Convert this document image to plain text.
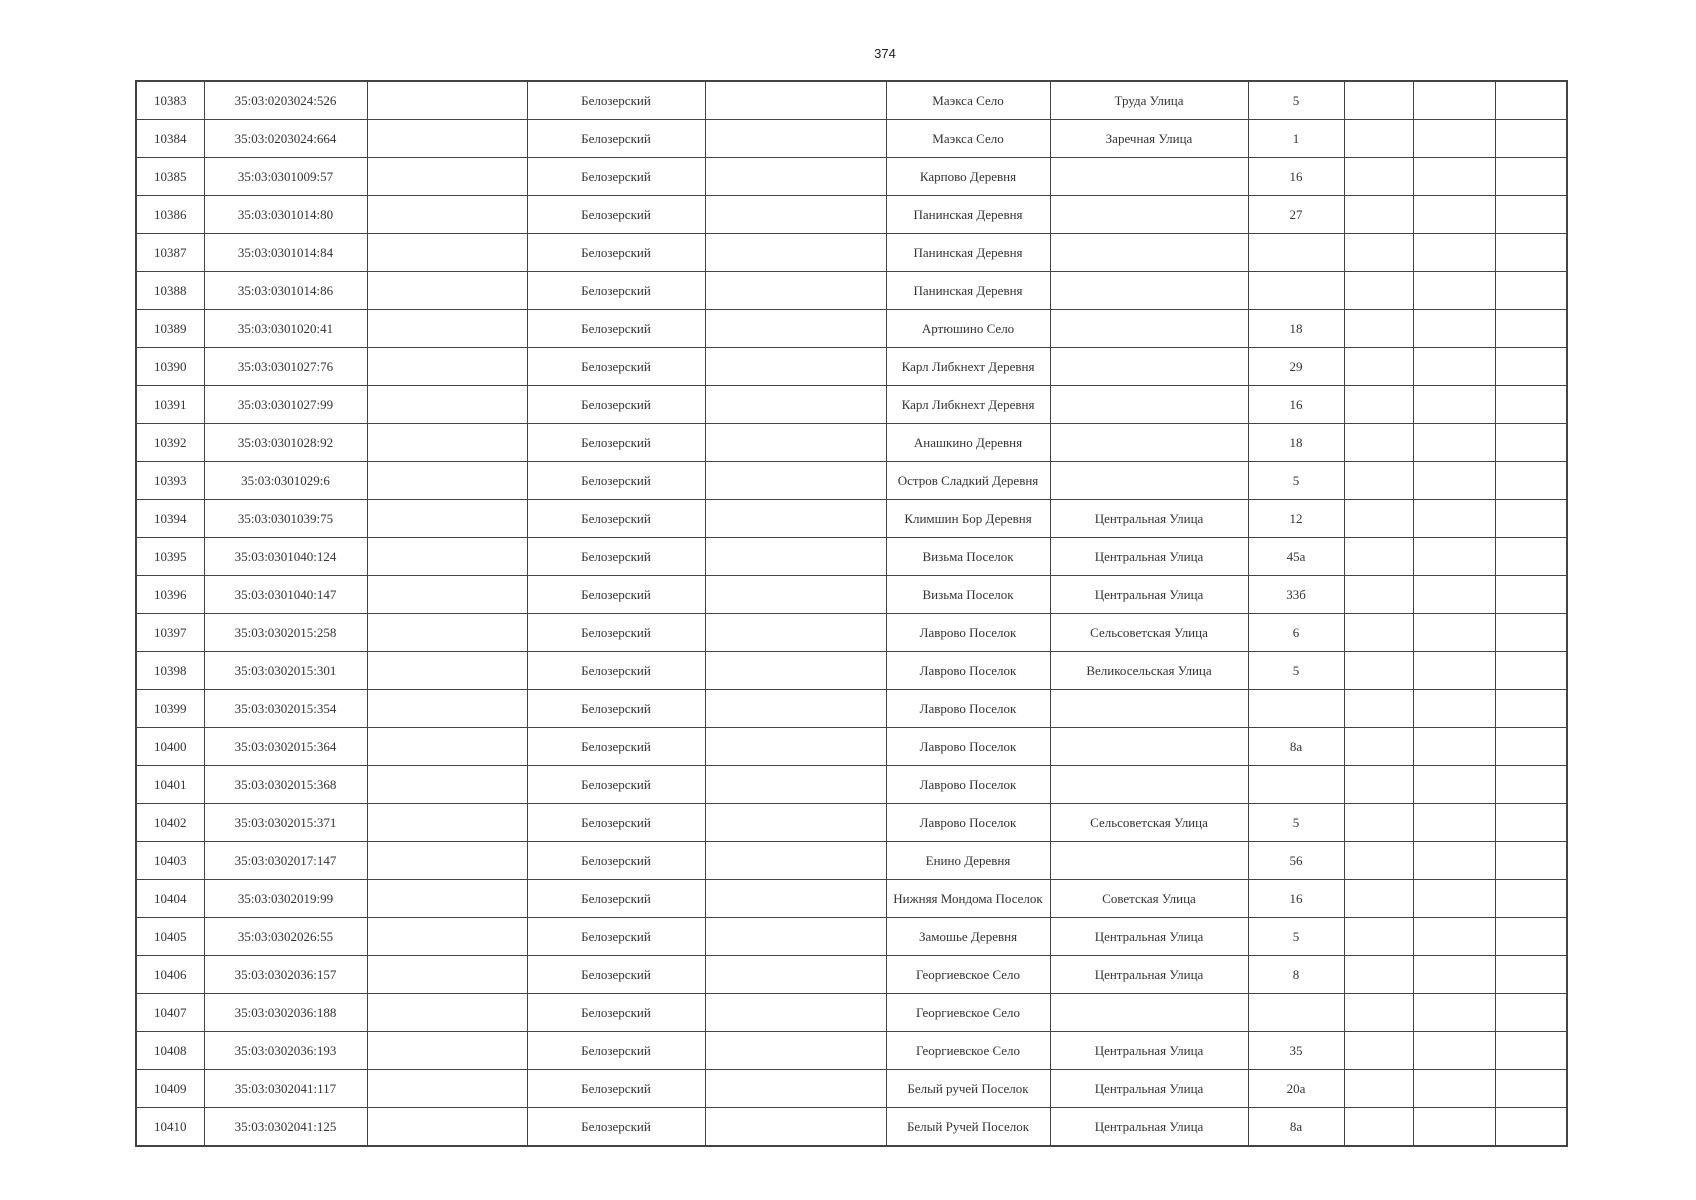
374
10383	35:03:0203024:526		Белозерский		Маэкса Село	Труда Улица	5			
10384	35:03:0203024:664		Белозерский		Маэкса Село	Заречная Улица	1			
10385	35:03:0301009:57		Белозерский		Карпово Деревня		16			
10386	35:03:0301014:80		Белозерский		Панинская Деревня		27			
10387	35:03:0301014:84		Белозерский		Панинская Деревня					
10388	35:03:0301014:86		Белозерский		Панинская Деревня					
10389	35:03:0301020:41		Белозерский		Артюшино Село		18			
10390	35:03:0301027:76		Белозерский		Карл Либкнехт Деревня		29			
10391	35:03:0301027:99		Белозерский		Карл Либкнехт Деревня		16			
10392	35:03:0301028:92		Белозерский		Анашкино Деревня		18			
10393	35:03:0301029:6		Белозерский		Остров Сладкий Деревня		5			
10394	35:03:0301039:75		Белозерский		Климшин Бор Деревня	Центральная Улица	12			
10395	35:03:0301040:124		Белозерский		Визьма Поселок	Центральная Улица	45а			
10396	35:03:0301040:147		Белозерский		Визьма Поселок	Центральная Улица	33б			
10397	35:03:0302015:258		Белозерский		Лаврово Поселок	Сельсоветская Улица	6			
10398	35:03:0302015:301		Белозерский		Лаврово Поселок	Великосельская Улица	5			
10399	35:03:0302015:354		Белозерский		Лаврово Поселок					
10400	35:03:0302015:364		Белозерский		Лаврово Поселок		8а			
10401	35:03:0302015:368		Белозерский		Лаврово Поселок					
10402	35:03:0302015:371		Белозерский		Лаврово Поселок	Сельсоветская Улица	5			
10403	35:03:0302017:147		Белозерский		Енино Деревня		56			
10404	35:03:0302019:99		Белозерский		Нижняя Мондома Поселок	Советская Улица	16			
10405	35:03:0302026:55		Белозерский		Замошье Деревня	Центральная Улица	5			
10406	35:03:0302036:157		Белозерский		Георгиевское Село	Центральная Улица	8			
10407	35:03:0302036:188		Белозерский		Георгиевское Село					
10408	35:03:0302036:193		Белозерский		Георгиевское Село	Центральная Улица	35			
10409	35:03:0302041:117		Белозерский		Белый ручей Поселок	Центральная Улица	20а			
10410	35:03:0302041:125		Белозерский		Белый Ручей Поселок	Центральная Улица	8а			
